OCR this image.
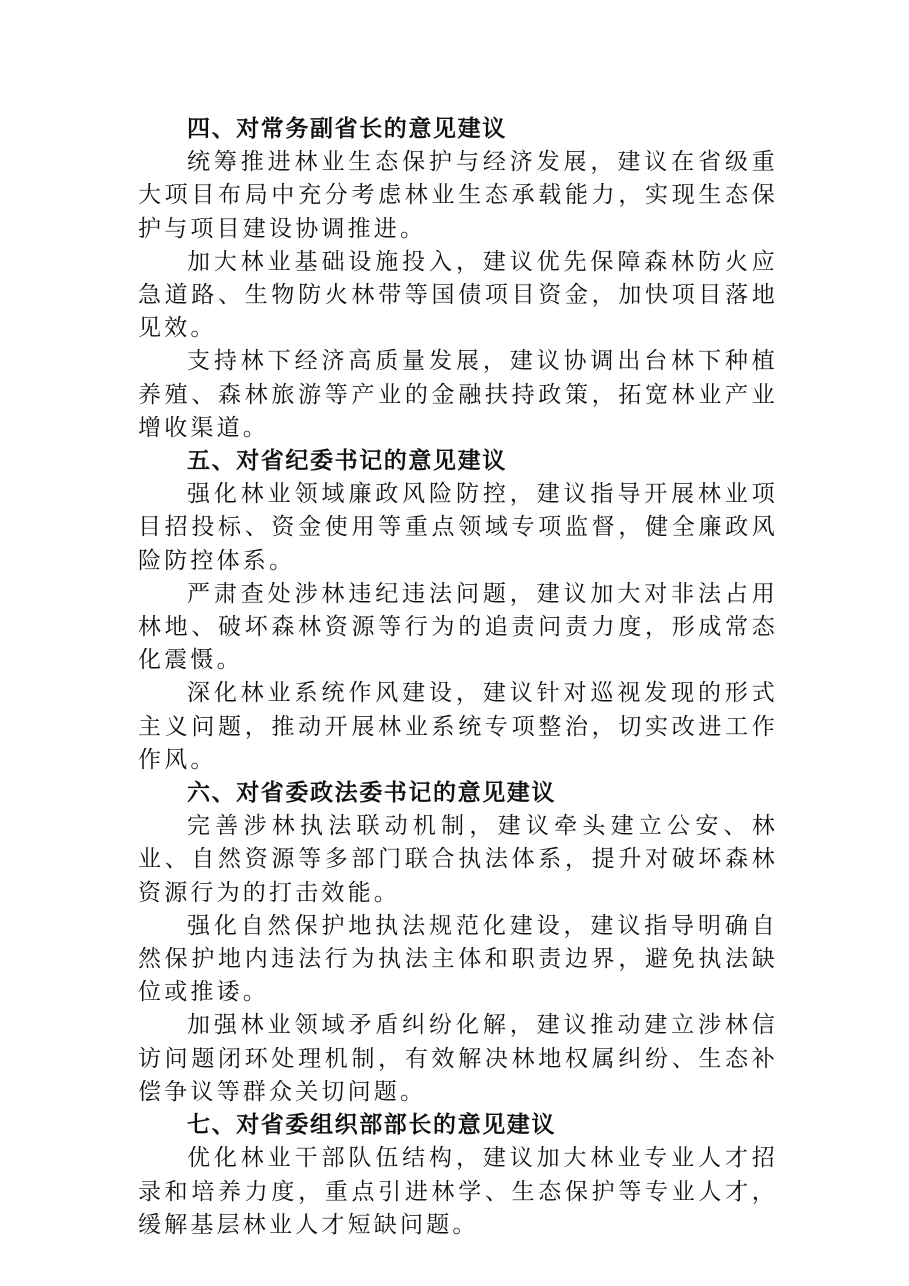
四、对常务副省长的意见建议

统筹推进林业生态保护与经济发展，建议在省级重大项目布局中充分考虑林业生态承载能力，实现生态保护与项目建设协调推进。

加大林业基础设施投入，建议优先保障森林防火应急道路、生物防火林带等国债项目资金，加快项目落地见效。

支持林下经济高质量发展，建议协调出台林下种植养殖、森林旅游等产业的金融扶持政策，拓宽林业产业增收渠道。

五、对省纪委书记的意见建议

强化林业领域廉政风险防控，建议指导开展林业项目招投标、资金使用等重点领域专项监督，健全廉政风险防控体系。

严肃查处涉林违纪违法问题，建议加大对非法占用林地、破坏森林资源等行为的追责问责力度，形成常态化震慑。

深化林业系统作风建设，建议针对巡视发现的形式主义问题，推动开展林业系统专项整治，切实改进工作作风。

六、对省委政法委书记的意见建议

完善涉林执法联动机制，建议牵头建立公安、林业、自然资源等多部门联合执法体系，提升对破坏森林资源行为的打击效能。

强化自然保护地执法规范化建设，建议指导明确自然保护地内违法行为执法主体和职责边界，避免执法缺位或推诿。

加强林业领域矛盾纠纷化解，建议推动建立涉林信访问题闭环处理机制，有效解决林地权属纠纷、生态补偿争议等群众关切问题。

七、对省委组织部部长的意见建议

优化林业干部队伍结构，建议加大林业专业人才招录和培养力度，重点引进林学、生态保护等专业人才，缓解基层林业人才短缺问题。
